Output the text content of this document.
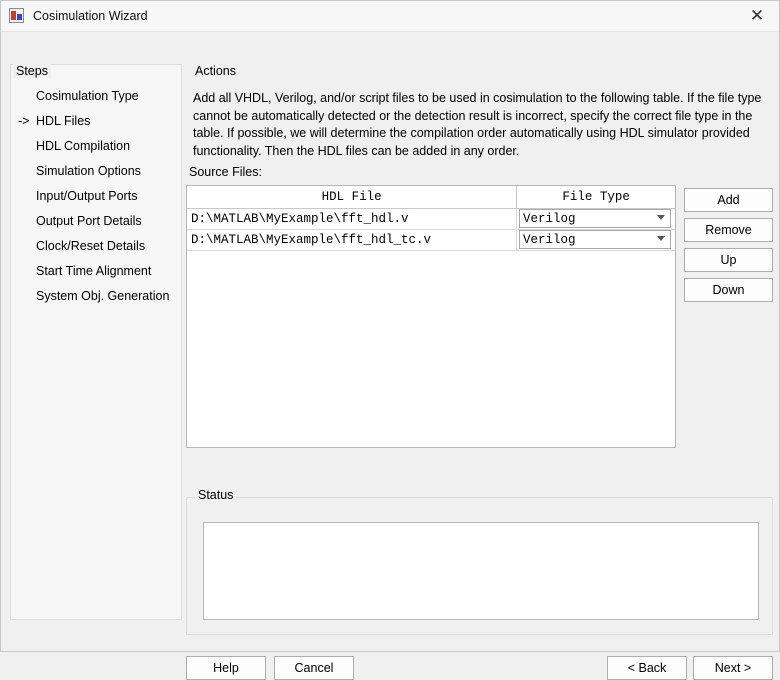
Cosimulation Wizard	✕
Steps
Cosimulation Type
-> HDL Files
HDL Compilation
Simulation Options
Input/Output Ports
Output Port Details
Clock/Reset Details
Start Time Alignment
System Obj. Generation
Actions
Add all VHDL, Verilog, and/or script files to be used in cosimulation to the following table. If the file type cannot be automatically detected or the detection result is incorrect, specify the correct file type in the table. If possible, we will determine the compilation order automatically using HDL simulator provided functionality. Then the HDL files can be added in any order.
Source Files:
HDL File	File Type
D:\MATLAB\MyExample\fft_hdl.v	Verilog
D:\MATLAB\MyExample\fft_hdl_tc.v	Verilog
Add
Remove
Up
Down
Status
Help	Cancel	< Back	Next >
